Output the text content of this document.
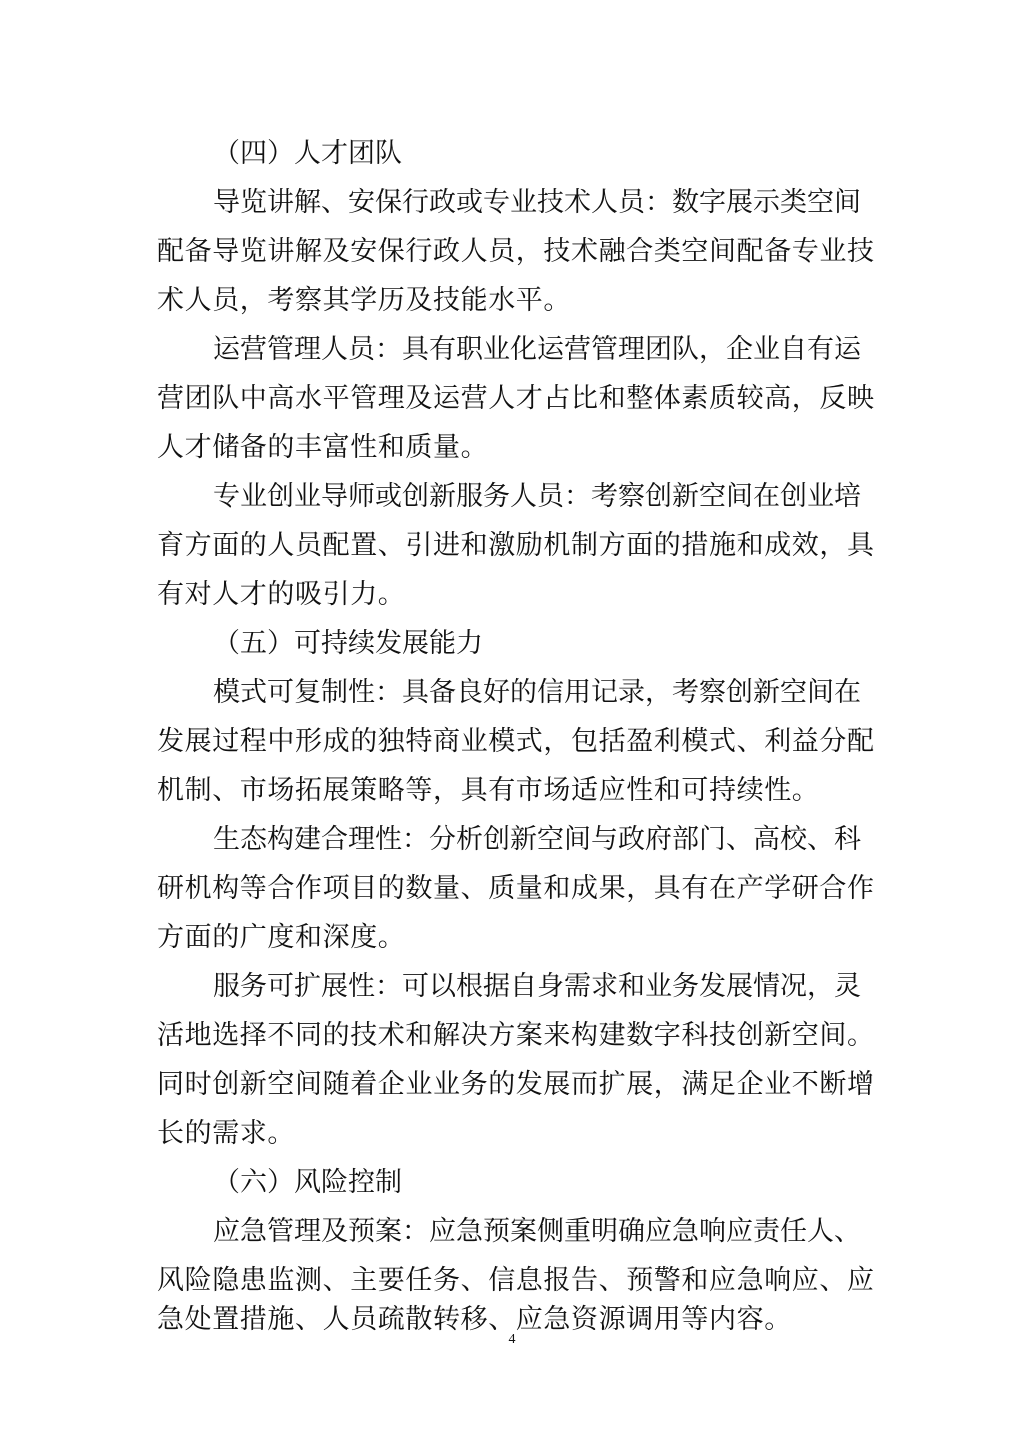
（四）人才团队
导览讲解、安保行政或专业技术人员：数字展示类空间
配备导览讲解及安保行政人员，技术融合类空间配备专业技
术人员，考察其学历及技能水平。
运营管理人员：具有职业化运营管理团队，企业自有运
营团队中高水平管理及运营人才占比和整体素质较高，反映
人才储备的丰富性和质量。
专业创业导师或创新服务人员：考察创新空间在创业培
育方面的人员配置、引进和激励机制方面的措施和成效，具
有对人才的吸引力。
（五）可持续发展能力
模式可复制性：具备良好的信用记录，考察创新空间在
发展过程中形成的独特商业模式，包括盈利模式、利益分配
机制、市场拓展策略等，具有市场适应性和可持续性。
生态构建合理性：分析创新空间与政府部门、高校、科
研机构等合作项目的数量、质量和成果，具有在产学研合作
方面的广度和深度。
服务可扩展性：可以根据自身需求和业务发展情况，灵
活地选择不同的技术和解决方案来构建数字科技创新空间。
同时创新空间随着企业业务的发展而扩展，满足企业不断增
长的需求。
（六）风险控制
应急管理及预案：应急预案侧重明确应急响应责任人、
风险隐患监测、主要任务、信息报告、预警和应急响应、应
急处置措施、人员疏散转移、应急资源调用等内容。
4
